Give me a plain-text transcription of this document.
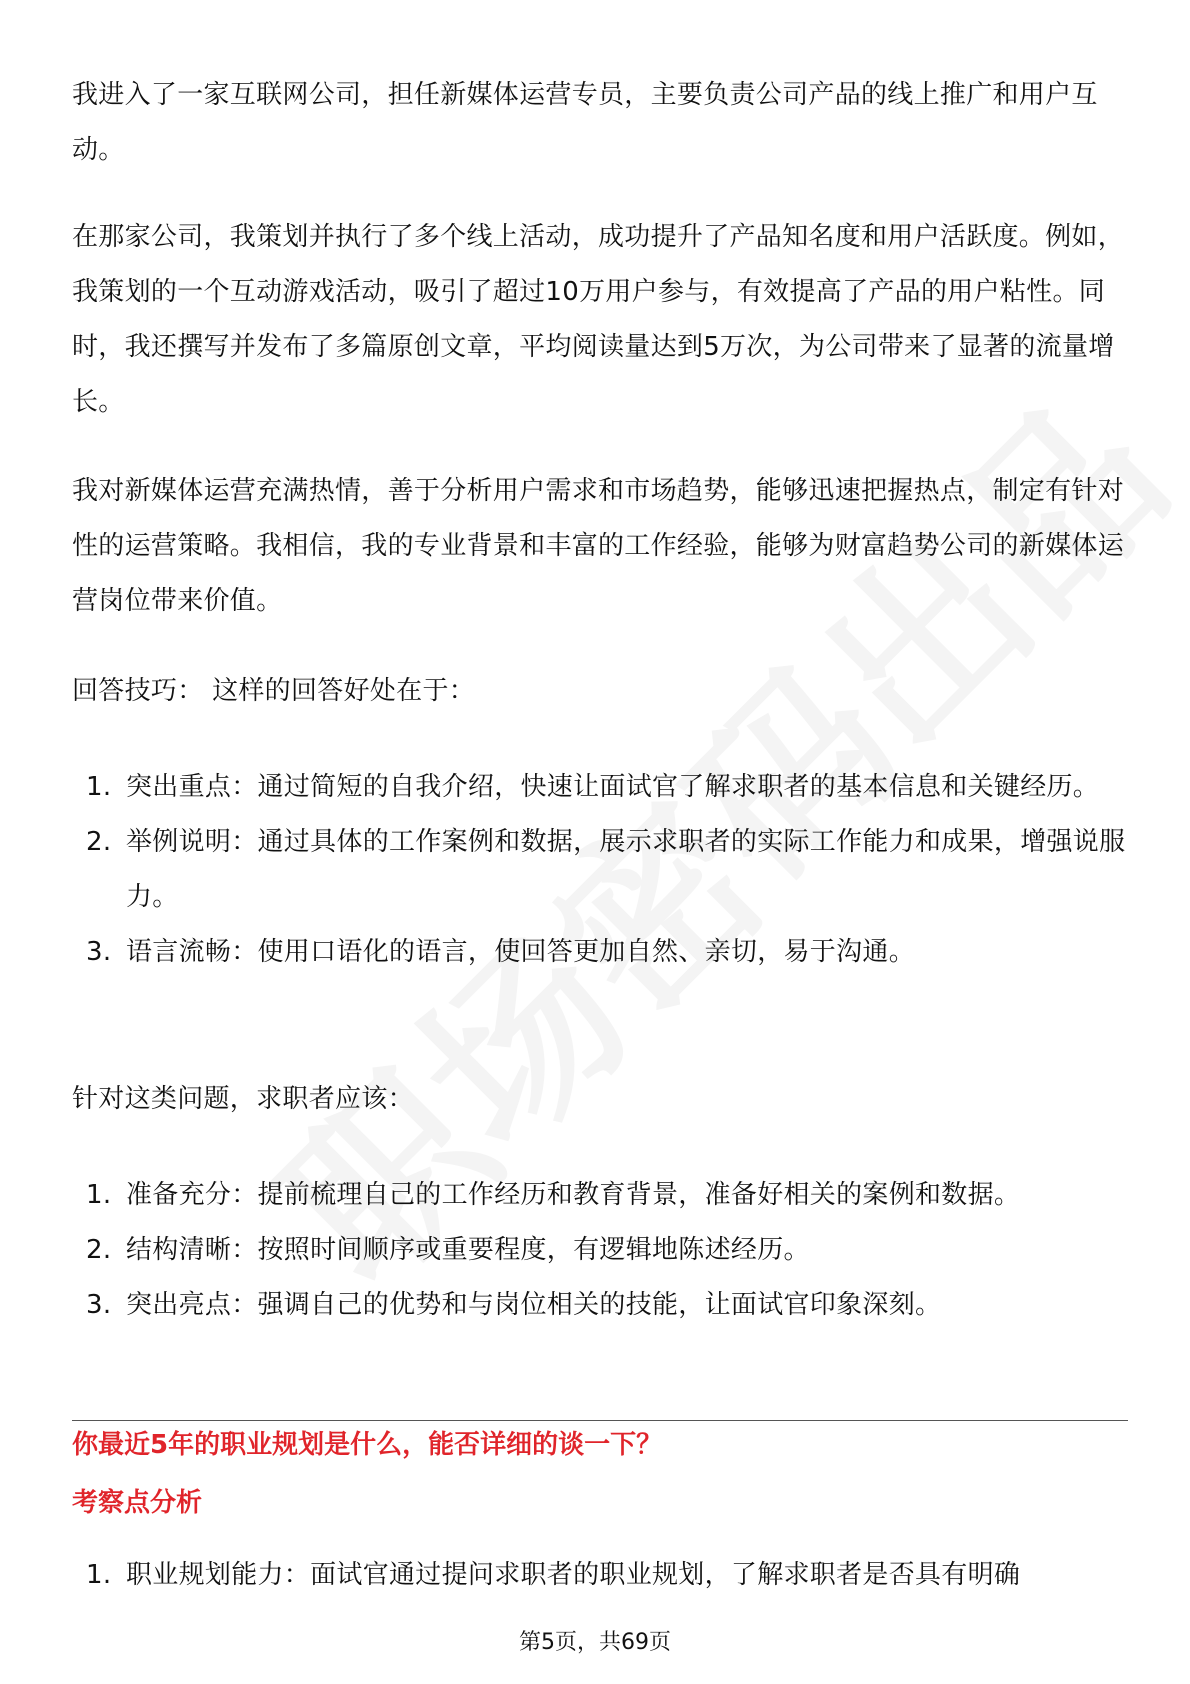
我进入了一家互联网公司，担任新媒体运营专员，主要负责公司产品的线上推广和用户互动。

在那家公司，我策划并执行了多个线上活动，成功提升了产品知名度和用户活跃度。例如，我策划的一个互动游戏活动，吸引了超过10万用户参与，有效提高了产品的用户粘性。同时，我还撰写并发布了多篇原创文章，平均阅读量达到5万次，为公司带来了显著的流量增长。

我对新媒体运营充满热情，善于分析用户需求和市场趋势，能够迅速把握热点，制定有针对性的运营策略。我相信，我的专业背景和丰富的工作经验，能够为财富趋势公司的新媒体运营岗位带来价值。

回答技巧： 这样的回答好处在于：

1. 突出重点：通过简短的自我介绍，快速让面试官了解求职者的基本信息和关键经历。
2. 举例说明：通过具体的工作案例和数据，展示求职者的实际工作能力和成果，增强说服力。
3. 语言流畅：使用口语化的语言，使回答更加自然、亲切，易于沟通。

针对这类问题，求职者应该：

1. 准备充分：提前梳理自己的工作经历和教育背景，准备好相关的案例和数据。
2. 结构清晰：按照时间顺序或重要程度，有逻辑地陈述经历。
3. 突出亮点：强调自己的优势和与岗位相关的技能，让面试官印象深刻。
你最近5年的职业规划是什么，能否详细的谈一下？
考察点分析
1. 职业规划能力：面试官通过提问求职者的职业规划，了解求职者是否具有明确
第5页，共69页
